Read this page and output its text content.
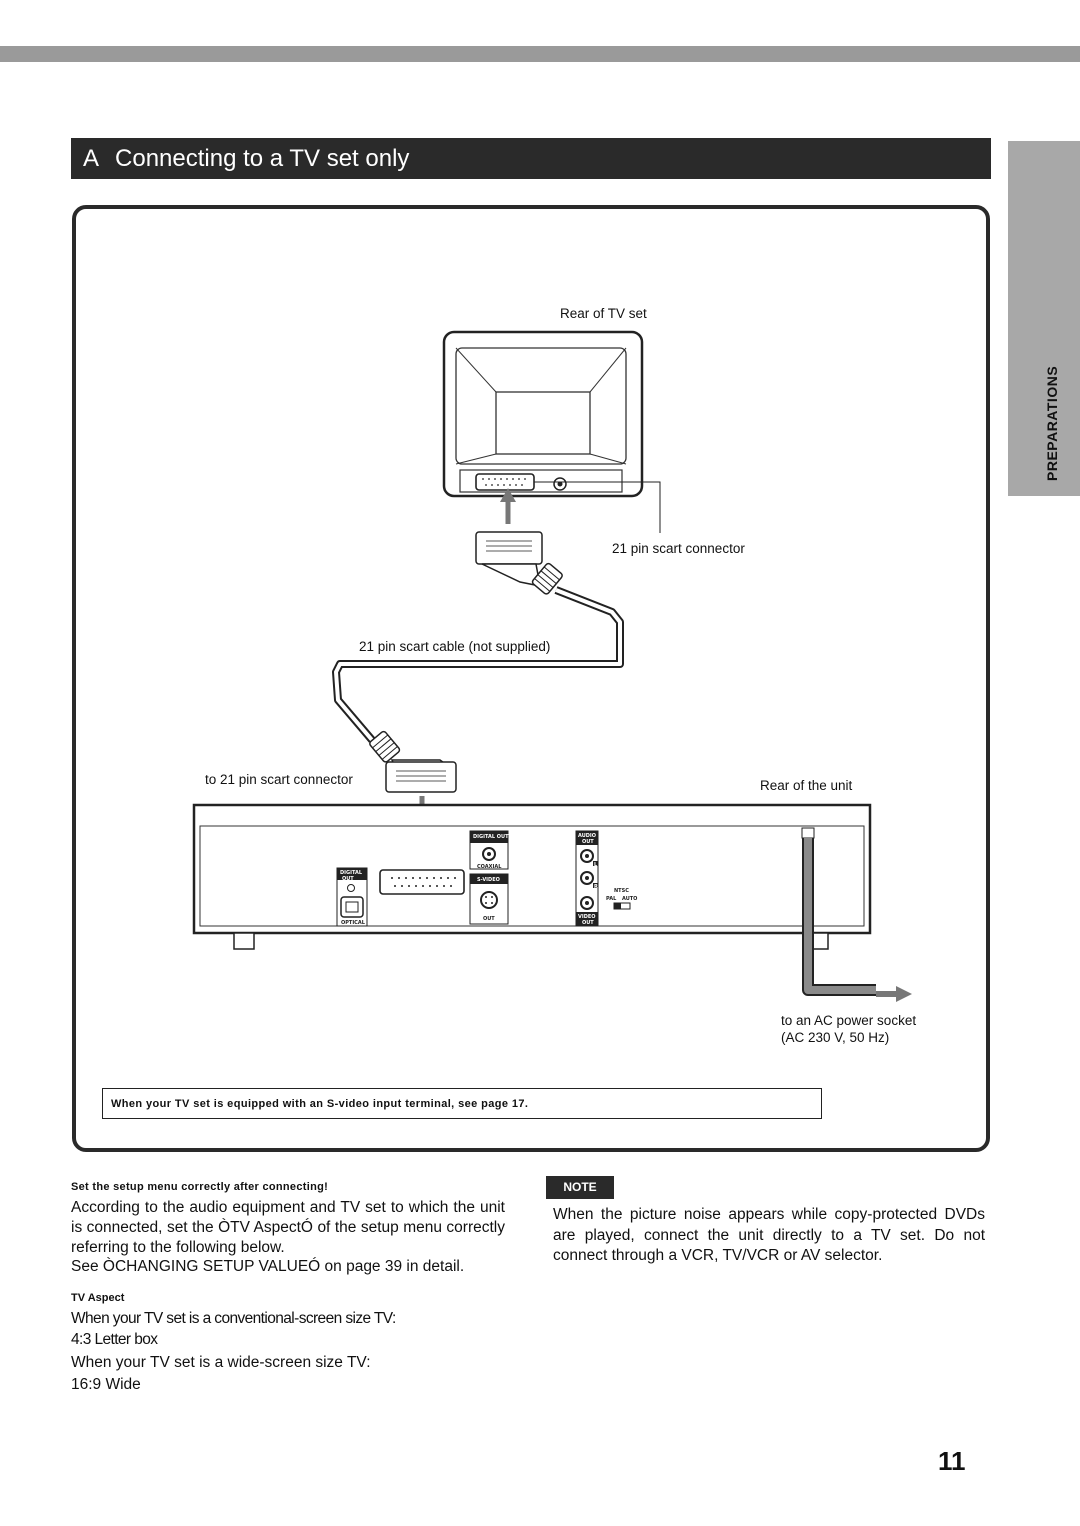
A Connecting to a TV set only
PREPARATIONS
DIGITAL OUT
COAXIAL
S-VIDEO
OUT
DIGITAL
OUT
OPTICAL
AUDIO
OUT
L
R
VIDEO
OUT
NTSC
PAL AUTO
Rear of TV set
21 pin scart connector
21 pin scart cable (not supplied)
to 21 pin scart connector	Rear of the unit
to an AC power socket
(AC 230 V, 50 Hz)
When your TV set is equipped with an S-video input terminal, see page 17.
Set the setup menu correctly after connecting!
According to the audio equipment and TV set to which the unit is connected, set the ÒTV AspectÓ of the setup menu correctly referring to the following below.
See ÒCHANGING SETUP VALUEÓ on page 39 in detail.
TV Aspect
When your TV set is a conventional-screen size TV:
4:3 Letter box
When your TV set is a wide-screen size TV:
16:9 Wide
NOTE
When the picture noise appears while copy-protected DVDs are played, connect the unit directly to a TV set. Do not connect through a VCR, TV/VCR or AV selector.
11
